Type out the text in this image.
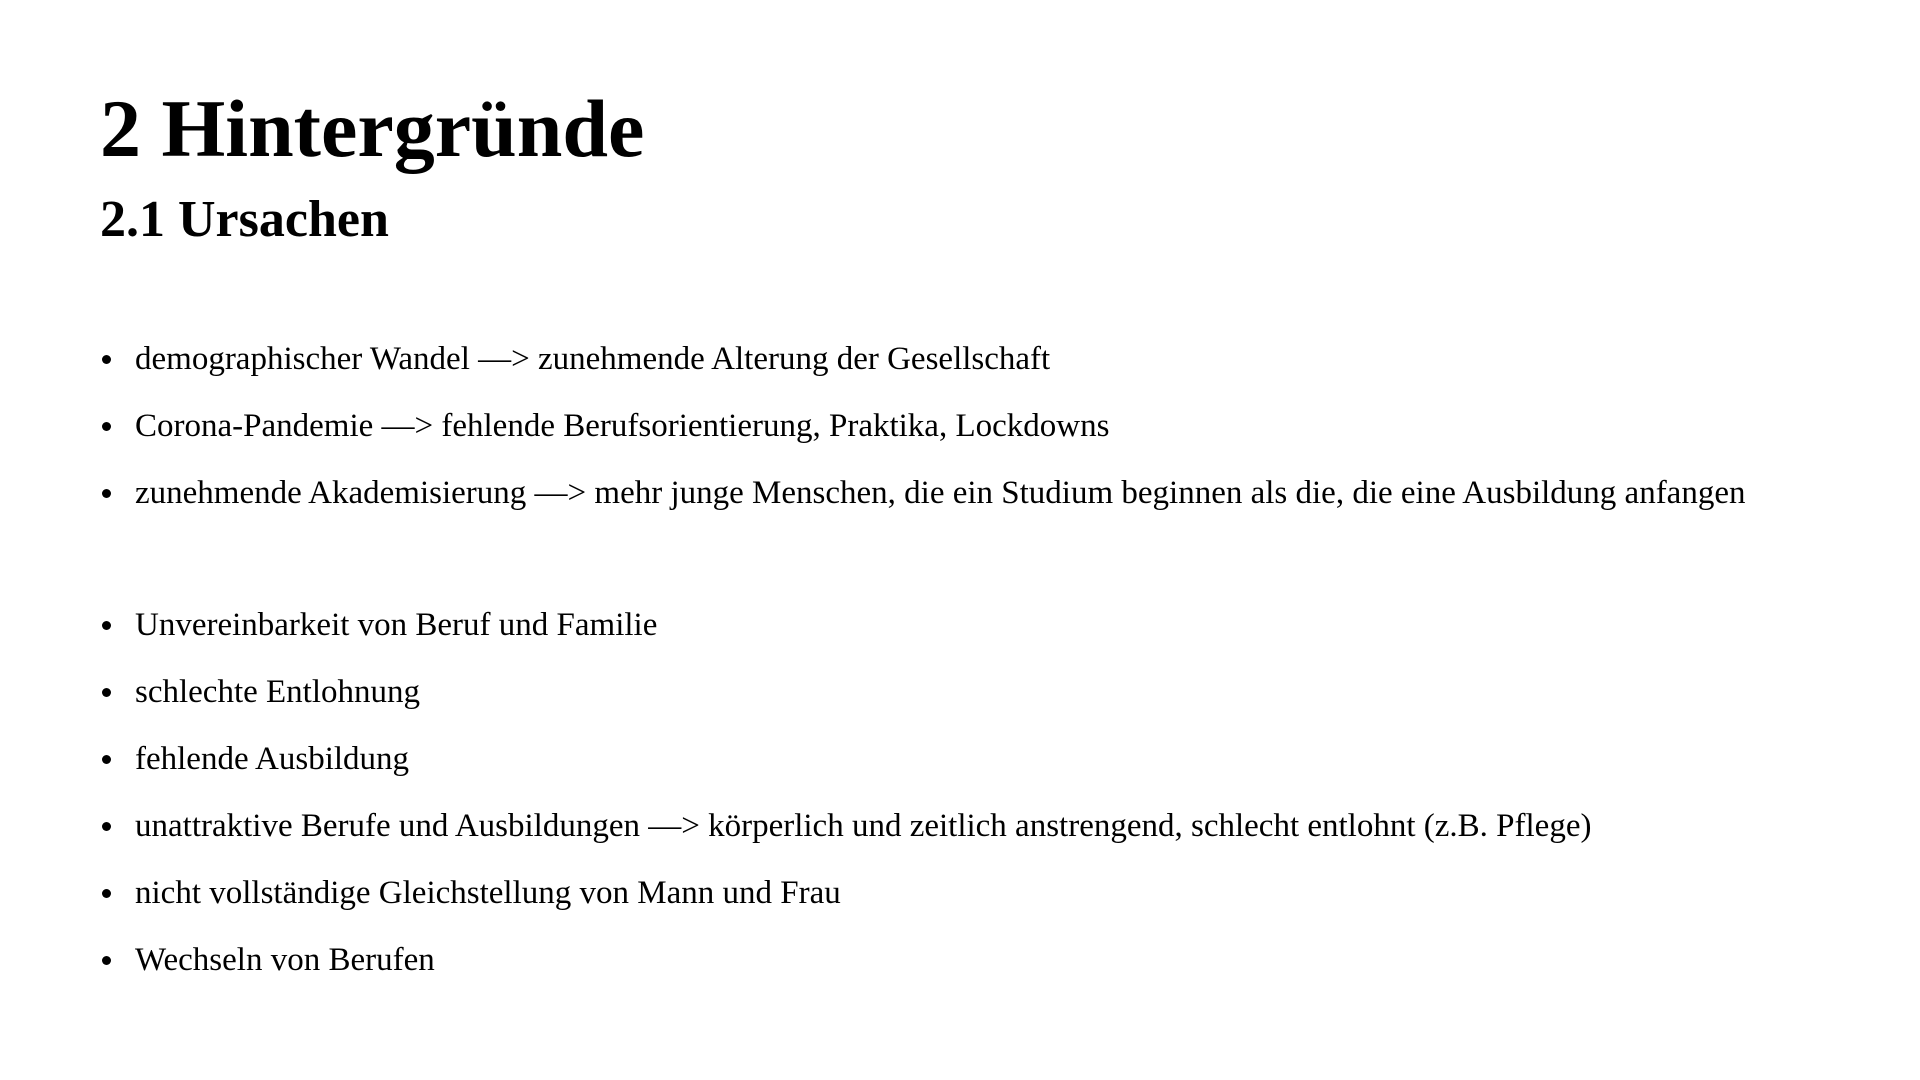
2 Hintergründe
2.1 Ursachen
demographischer Wandel —> zunehmende Alterung der Gesellschaft
Corona-Pandemie —> fehlende Berufsorientierung, Praktika, Lockdowns
zunehmende Akademisierung —> mehr junge Menschen, die ein Studium beginnen als die, die eine Ausbildung anfangen
Unvereinbarkeit von Beruf und Familie
schlechte Entlohnung
fehlende Ausbildung
unattraktive Berufe und Ausbildungen —> körperlich und zeitlich anstrengend, schlecht entlohnt (z.B. Pflege)
nicht vollständige Gleichstellung von Mann und Frau
Wechseln von Berufen
